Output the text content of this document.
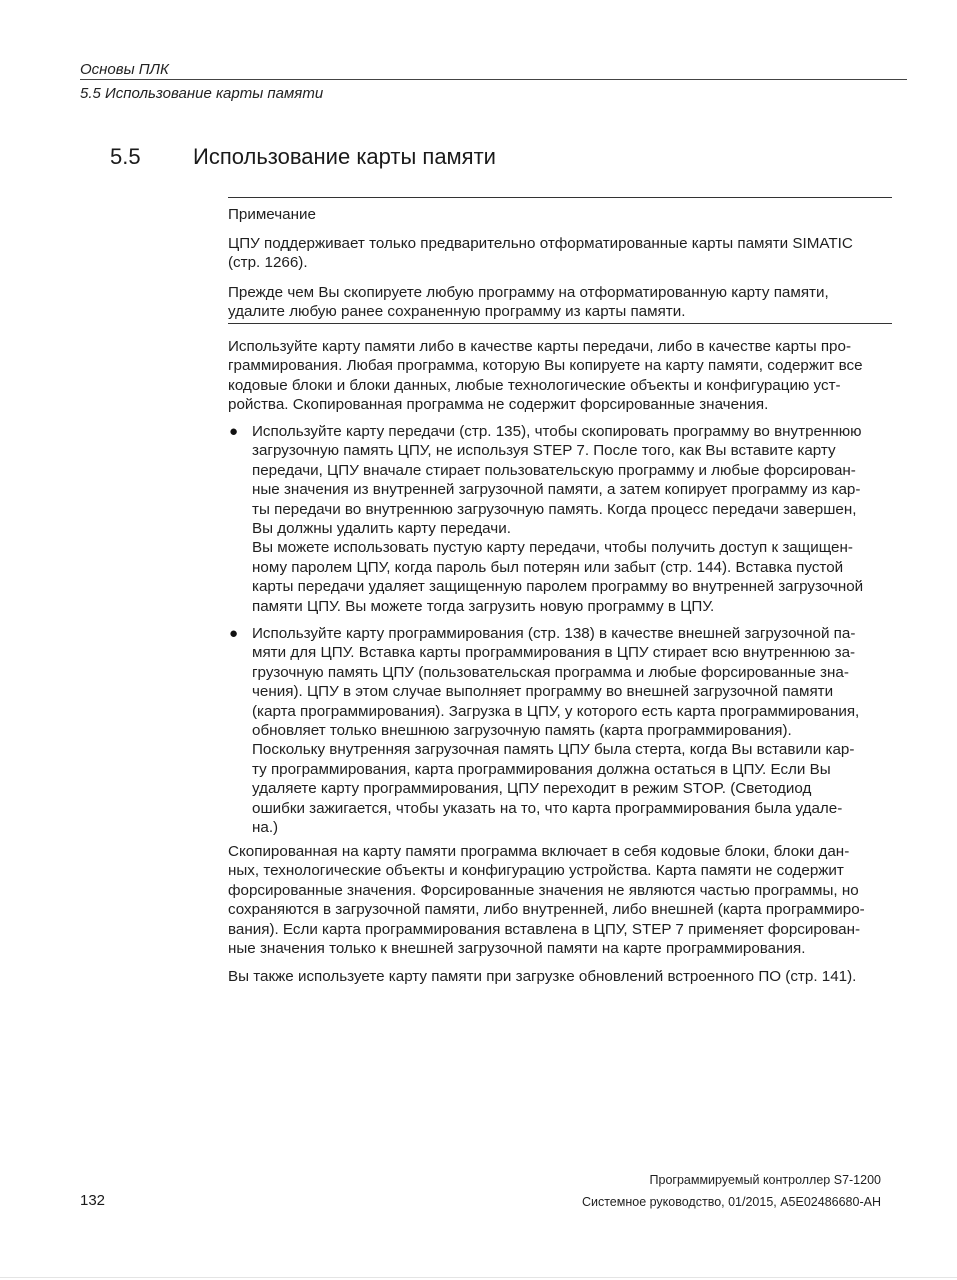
Основы ПЛК
5.5 Использование карты памяти
5.5 Использование карты памяти
Примечание

ЦПУ поддерживает только предварительно отформатированные карты памяти SIMATIC
(стр. 1266).

Прежде чем Вы скопируете любую программу на отформатированную карту памяти,
удалите любую ранее сохраненную программу из карты памяти.

Используйте карту памяти либо в качестве карты передачи, либо в качестве карты про-
граммирования. Любая программа, которую Вы копируете на карту памяти, содержит все
кодовые блоки и блоки данных, любые технологические объекты и конфигурацию уст-
ройства. Скопированная программа не содержит форсированные значения.

● Используйте карту передачи (стр. 135), чтобы скопировать программу во внутреннюю
загрузочную память ЦПУ, не используя STEP 7. После того, как Вы вставите карту
передачи, ЦПУ вначале стирает пользовательскую программу и любые форсирован-
ные значения из внутренней загрузочной памяти, а затем копирует программу из кар-
ты передачи во внутреннюю загрузочную память. Когда процесс передачи завершен,
Вы должны удалить карту передачи.
Вы можете использовать пустую карту передачи, чтобы получить доступ к защищен-
ному паролем ЦПУ, когда пароль был потерян или забыт (стр. 144). Вставка пустой
карты передачи удаляет защищенную паролем программу во внутренней загрузочной
памяти ЦПУ. Вы можете тогда загрузить новую программу в ЦПУ.

● Используйте карту программирования (стр. 138) в качестве внешней загрузочной па-
мяти для ЦПУ. Вставка карты программирования в ЦПУ стирает всю внутреннюю за-
грузочную память ЦПУ (пользовательская программа и любые форсированные зна-
чения). ЦПУ в этом случае выполняет программу во внешней загрузочной памяти
(карта программирования). Загрузка в ЦПУ, у которого есть карта программирования,
обновляет только внешнюю загрузочную память (карта программирования).
Поскольку внутренняя загрузочная память ЦПУ была стерта, когда Вы вставили кар-
ту программирования, карта программирования должна остаться в ЦПУ. Если Вы
удаляете карту программирования, ЦПУ переходит в режим STOP. (Светодиод
ошибки зажигается, чтобы указать на то, что карта программирования была удале-
на.)

Скопированная на карту памяти программа включает в себя кодовые блоки, блоки дан-
ных, технологические объекты и конфигурацию устройства. Карта памяти не содержит
форсированные значения. Форсированные значения не являются частью программы, но
сохраняются в загрузочной памяти, либо внутренней, либо внешней (карта программиро-
вания). Если карта программирования вставлена в ЦПУ, STEP 7 применяет форсирован-
ные значения только к внешней загрузочной памяти на карте программирования.

Вы также используете карту памяти при загрузке обновлений встроенного ПО (стр. 141).

132
Программируемый контроллер S7-1200
Системное руководство, 01/2015, A5E02486680-AH
